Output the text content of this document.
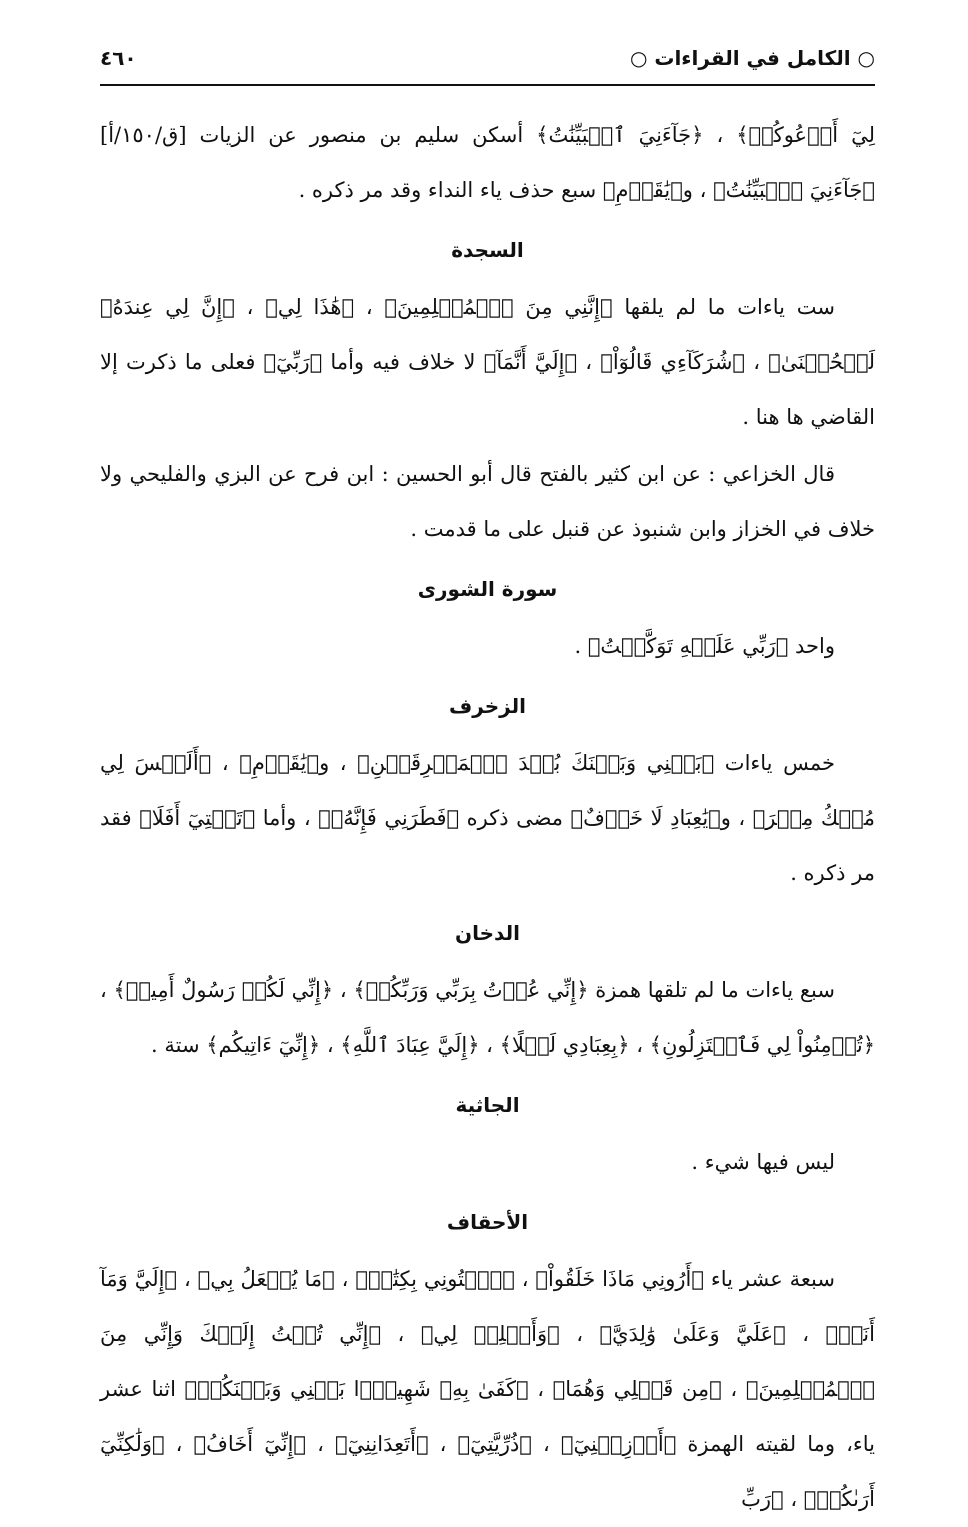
○ الكامل في القراءات ○
٤٦٠

لِيٓ أَدۡعُوكُمۡ﴾ ، ﴿جَآءَنِيَ ٱلۡبَيِّنَٰتُ﴾ أسكن سليم بن منصور عن الزيات [ق/١٥٠/أ] ﴿جَآءَنِيَ ٱلۡبَيِّنَٰتُ﴾ ، و﴿يَٰقَوۡمِ﴾ سبع حذف ياء النداء وقد مر ذكره .

السجدة

ست ياءات ما لم يلقها ﴿إِنَّنِي مِنَ ٱلۡمُسۡلِمِينَ﴾ ، ﴿هَٰذَا لِي﴾ ، ﴿إِنَّ لِي عِندَهُۥ لَلۡحُسۡنَىٰ﴾ ، ﴿شُرَكَآءِي قَالُوٓاْ﴾ ، ﴿إِلَيَّ أَنَّمَآ﴾ لا خلاف فيه وأما ﴿رَبِّيٓ﴾ فعلى ما ذكرت إلا القاضي ها هنا .

قال الخزاعي : عن ابن كثير بالفتح قال أبو الحسين : ابن فرح عن البزي والفليحي ولا خلاف في الخزاز وابن شنبوذ عن قنبل على ما قدمت .

سورة الشورى

واحد ﴿رَبِّي عَلَيۡهِ تَوَكَّلۡتُ﴾ .

الزخرف

خمس ياءات ﴿بَيۡنِي وَبَيۡنَكَ بُعۡدَ ٱلۡمَشۡرِقَيۡنِ﴾ ، و﴿يَٰقَوۡمِ﴾ ، ﴿أَلَيۡسَ لِي مُلۡكُ مِصۡرَ﴾ ، و﴿يَٰعِبَادِ لَا خَوۡفٌ﴾ مضى ذكره ﴿فَطَرَنِي فَإِنَّهُۥ﴾ ، وأما ﴿تَحۡتِيٓ أَفَلَا﴾ فقد مر ذكره .

الدخان

سبع ياءات ما لم تلقها همزة ﴿إِنِّي عُذۡتُ بِرَبِّي وَرَبِّكُمۡ﴾ ، ﴿إِنِّي لَكُمۡ رَسُولٌ أَمِينٞ﴾ ، ﴿تُؤۡمِنُواْ لِي فَٱعۡتَزِلُونِ﴾ ، ﴿بِعِبَادِي لَيۡلًا﴾ ، ﴿إِلَيَّ عِبَادَ ٱللَّهِ﴾ ، ﴿إِنِّيٓ ءَاتِيكُم﴾ ستة .

الجاثية

ليس فيها شيء .

الأحقاف

سبعة عشر ياء ﴿أَرُونِي مَاذَا خَلَقُواْ﴾ ، ﴿ٱئۡتُونِي بِكِتَٰبٖ﴾ ، ﴿مَا يُفۡعَلُ بِي﴾ ، ﴿إِلَيَّ وَمَآ أَنَا۠﴾ ، ﴿عَلَيَّ وَعَلَىٰ وَٰلِدَيَّ﴾ ، ﴿وَأَصۡلِحۡ لِي﴾ ، ﴿إِنِّي تُبۡتُ إِلَيۡكَ وَإِنِّي مِنَ ٱلۡمُسۡلِمِينَ﴾ ، ﴿مِن قَبۡلِي وَهُمَا﴾ ، ﴿كَفَىٰ بِهِۦ شَهِيدَۢا بَيۡنِي وَبَيۡنَكُمۡ﴾ اثنا عشر ياء، وما لقيته الهمزة ﴿أَوۡزِعۡنِيٓ﴾ ، ﴿ذُرِّيَّتِيٓ﴾ ، ﴿أَتَعِدَانِنِيٓ﴾ ، ﴿إِنِّيٓ أَخَافُ﴾ ، ﴿وَلَٰكِنِّيٓ أَرَىٰكُمۡ﴾ ، ﴿رَبِّ
